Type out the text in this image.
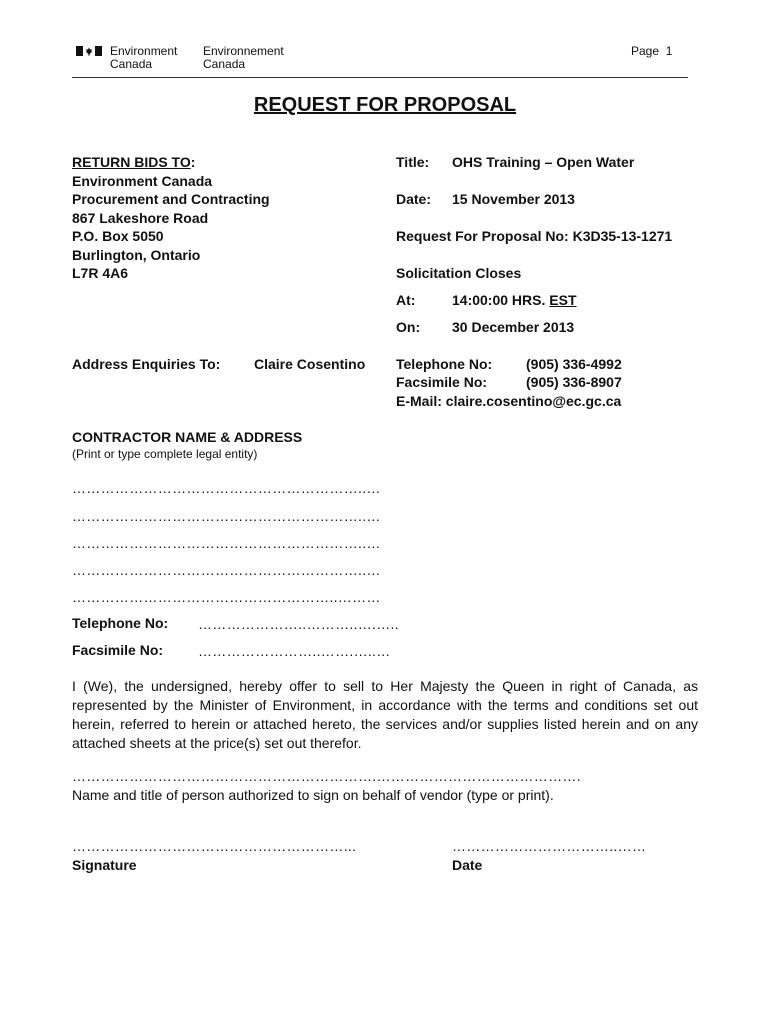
Environment
Canada
Environnement
Canada
Page 1
REQUEST FOR PROPOSAL
RETURN BIDS TO:
Environment Canada
Procurement and Contracting
867 Lakeshore Road
P.O. Box 5050
Burlington, Ontario
L7R 4A6
Title: OHS Training – Open Water
Date: 15 November 2013
Request For Proposal No: K3D35-13-1271
Solicitation Closes
At:	14:00:00 HRS. EST
On: 30 December 2013
Address Enquiries To: Claire Cosentino Telephone No: (905) 336-4992
Facsimile No:	(905) 336-8907
E-Mail: claire.cosentino@ec.gc.ca
CONTRACTOR NAME & ADDRESS
(Print or type complete legal entity)
……………………………………………………..…
……………………………………………………..…
……………………………………………………..…
……………………………………………………..…
………………………………………………..………
Telephone No: …………………..………..….…..
Facsimile No: ……………………..…….…..…
I (We), the undersigned, hereby offer to sell to Her Majesty the Queen in right of Canada, as represented by the Minister of Environment, in accordance with the terms and conditions set out herein, referred to herein or attached hereto, the services and/or supplies listed herein and on any attached sheets at the price(s) set out therefor.
……………………………………………………….…………………………………….
Name and title of person authorized to sign on behalf of vendor (type or print).
…………………………………………………...
Signature
……………………………..……
Date
